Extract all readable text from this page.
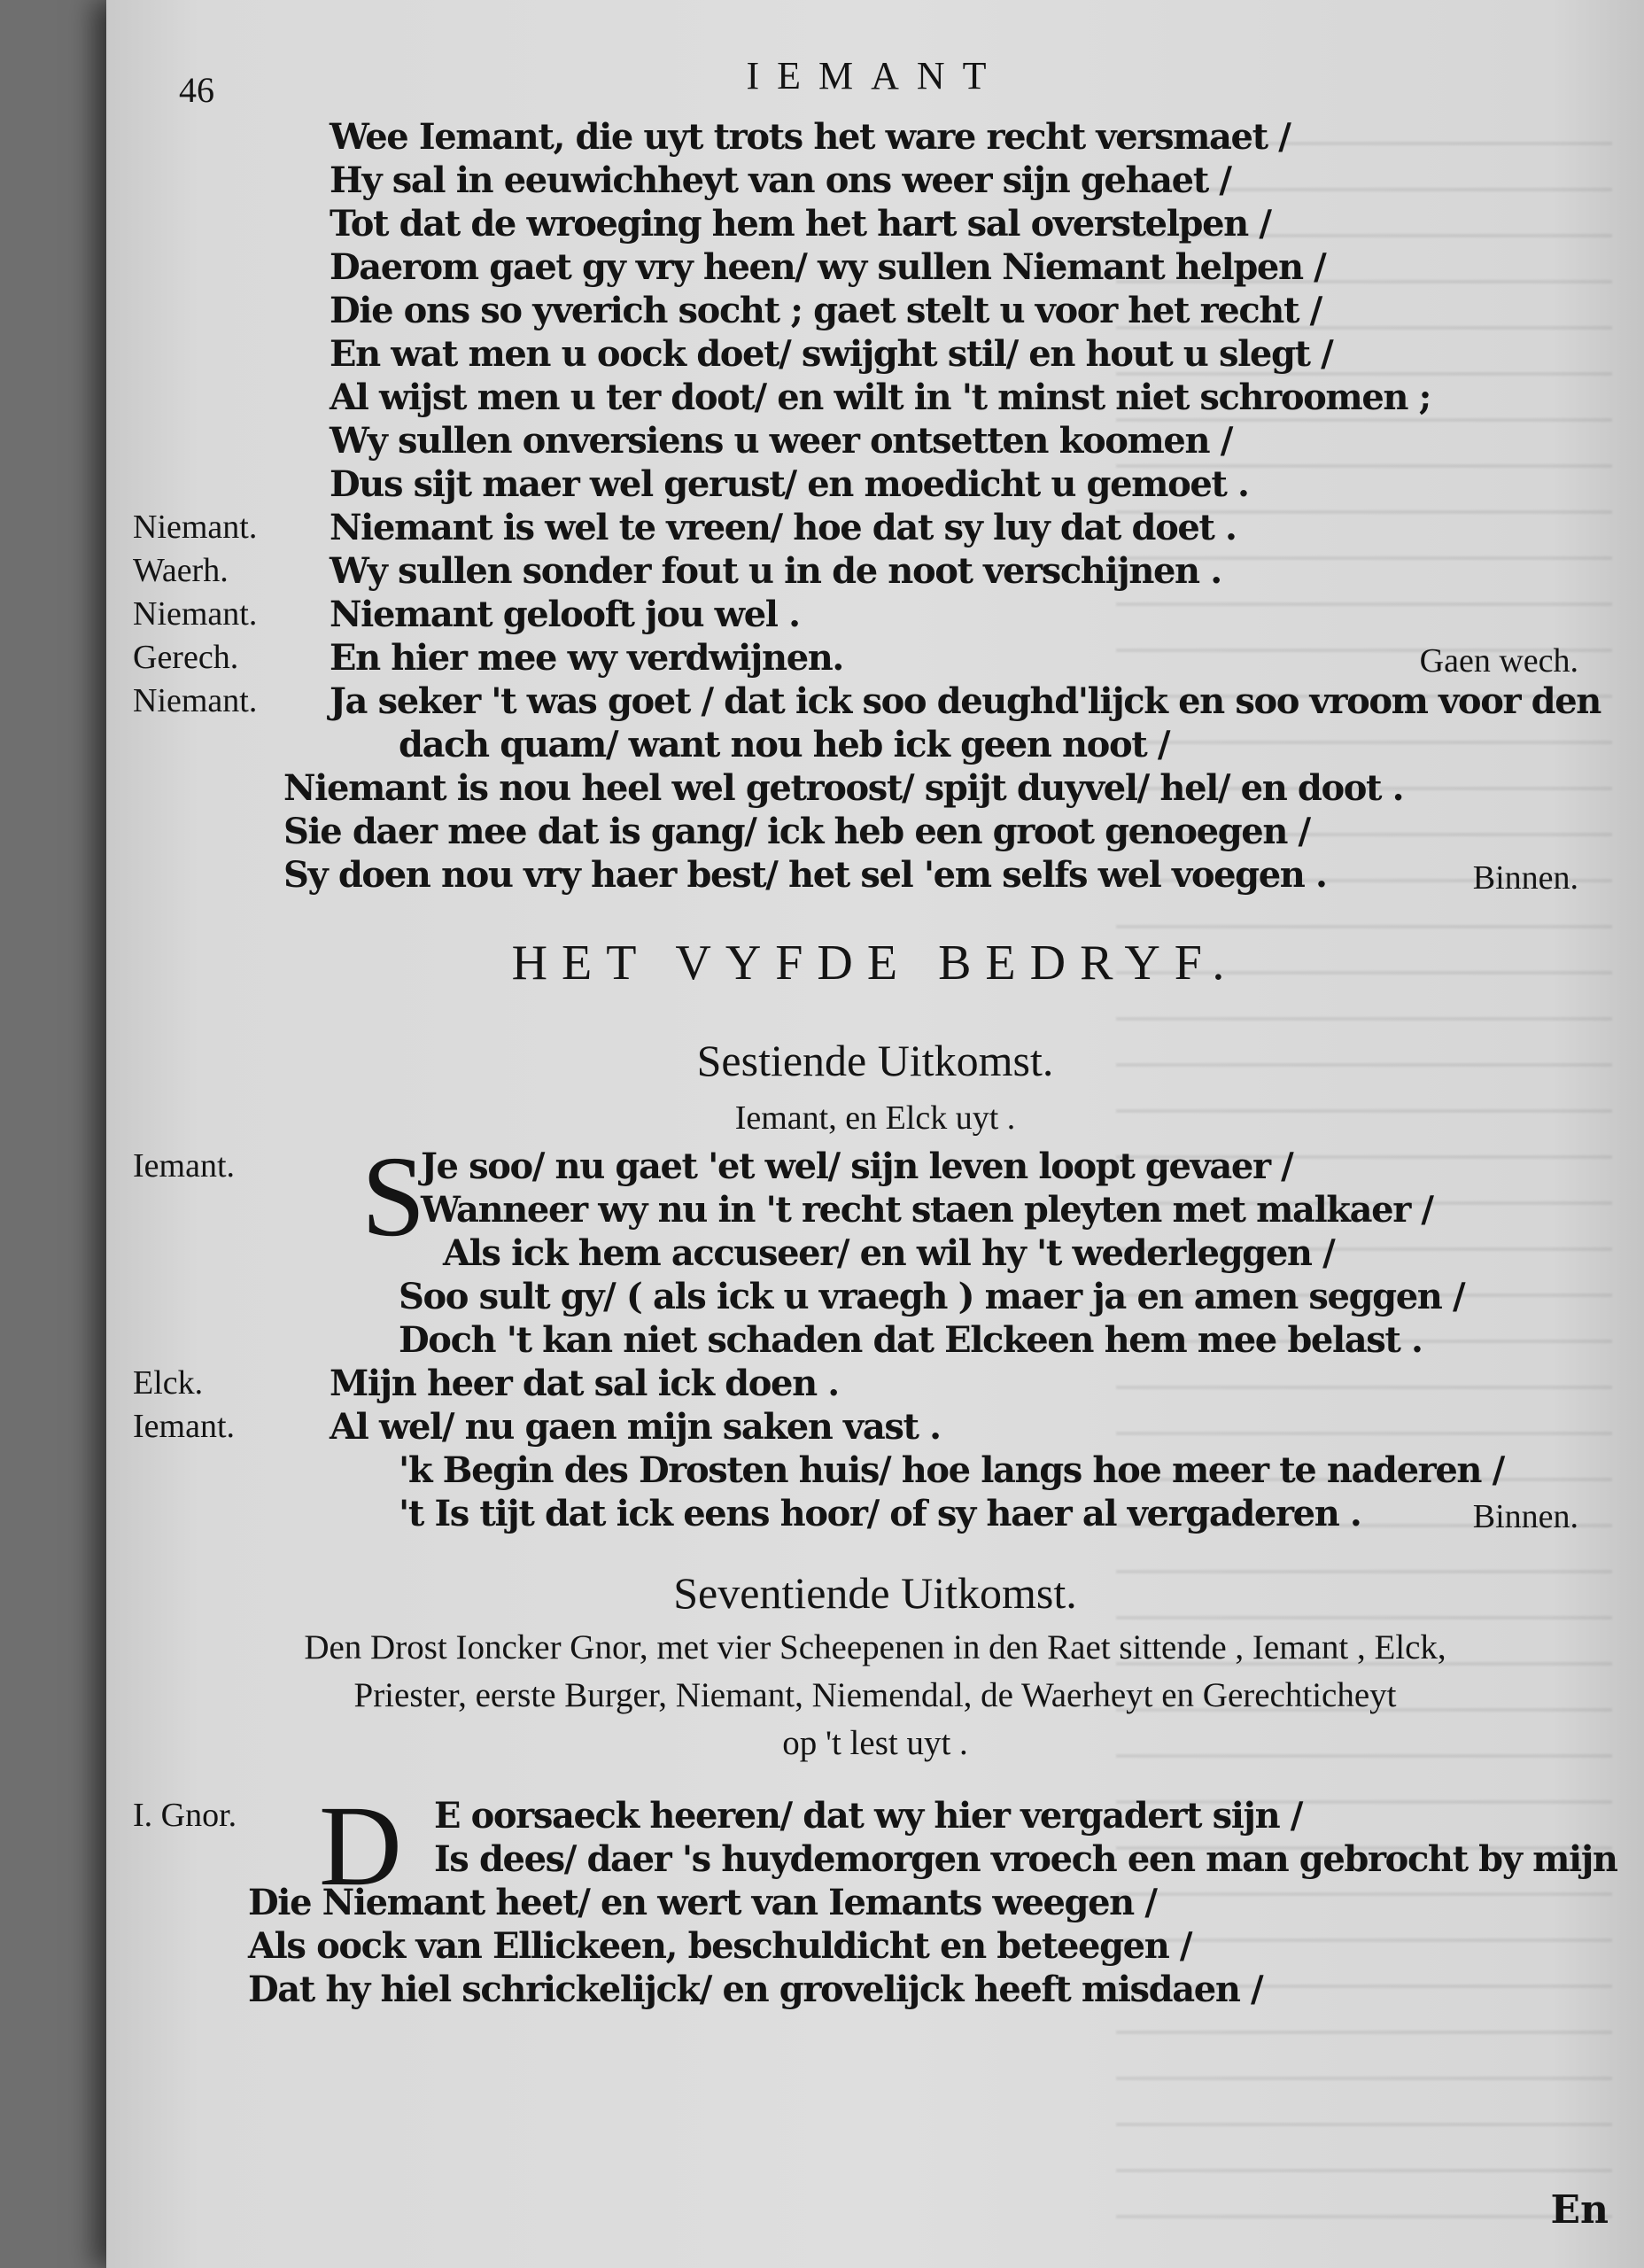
46	IEMANT
Wee Iemant, die uyt trots het ware recht versmaet /
Hy sal in eeuwichheyt van ons weer sijn gehaet /
Tot dat de wroeging hem het hart sal overstelpen /
Daerom gaet gy vry heen/ wy sullen Niemant helpen /
Die ons so yverich socht ; gaet stelt u voor het recht /
En wat men u oock doet/ swijght stil/ en hout u slegt /
Al wijst men u ter doot/ en wilt in 't minst niet schroomen ;
Wy sullen onversiens u weer ontsetten koomen /
Dus sijt maer wel gerust/ en moedicht u gemoet .
Niemant. Niemant is wel te vreen/ hoe dat sy luy dat doet .
Waerh.	Wy sullen sonder fout u in de noot verschijnen .
Niemant. Niemant gelooft jou wel .
Gerech.	En hier mee wy verdwijnen.	Gaen wech.
Niemant. Ja seker 't was goet / dat ick soo deughd'lijck en soo vroom voor den
dach quam/ want nou heb ick geen noot /
Niemant is nou heel wel getroost/ spijt duyvel/ hel/ en doot .
Sie daer mee dat is gang/ ick heb een groot genoegen /
Sy doen nou vry haer best/ het sel 'em selfs wel voegen .	Binnen.
HET VYFDE BEDRYF.
Sestiende Uitkomst.
Iemant, en Elck uyt .
Iemant.	Je soo/ nu gaet 'et wel/ sijn leven loopt gevaer /
S
Wanneer wy nu in 't recht staen pleyten met malkaer /
Als ick hem accuseer/ en wil hy 't wederleggen /
Soo sult gy/ ( als ick u vraegh ) maer ja en amen seggen /
Doch 't kan niet schaden dat Elckeen hem mee belast .
Elck.	Mijn heer dat sal ick doen .
Iemant.	Al wel/ nu gaen mijn saken vast .
'k Begin des Drosten huis/ hoe langs hoe meer te naderen /
't Is tijt dat ick eens hoor/ of sy haer al vergaderen .	Binnen.
Seventiende Uitkomst.
Den Drost Ioncker Gnor, met vier Scheepenen in den Raet sittende , Iemant , Elck,
Priester, eerste Burger, Niemant, Niemendal, de Waerheyt en Gerechticheyt
op 't lest uyt .
I. Gnor.	E oorsaeck heeren/ dat wy hier vergadert sijn /
D Is dees/ daer 's huydemorgen vroech een man gebrocht by mijn
Die Niemant heet/ en wert van Iemants weegen /
Als oock van Ellickeen, beschuldicht en beteegen /
Dat hy hiel schrickelijck/ en grovelijck heeft misdaen /
En
